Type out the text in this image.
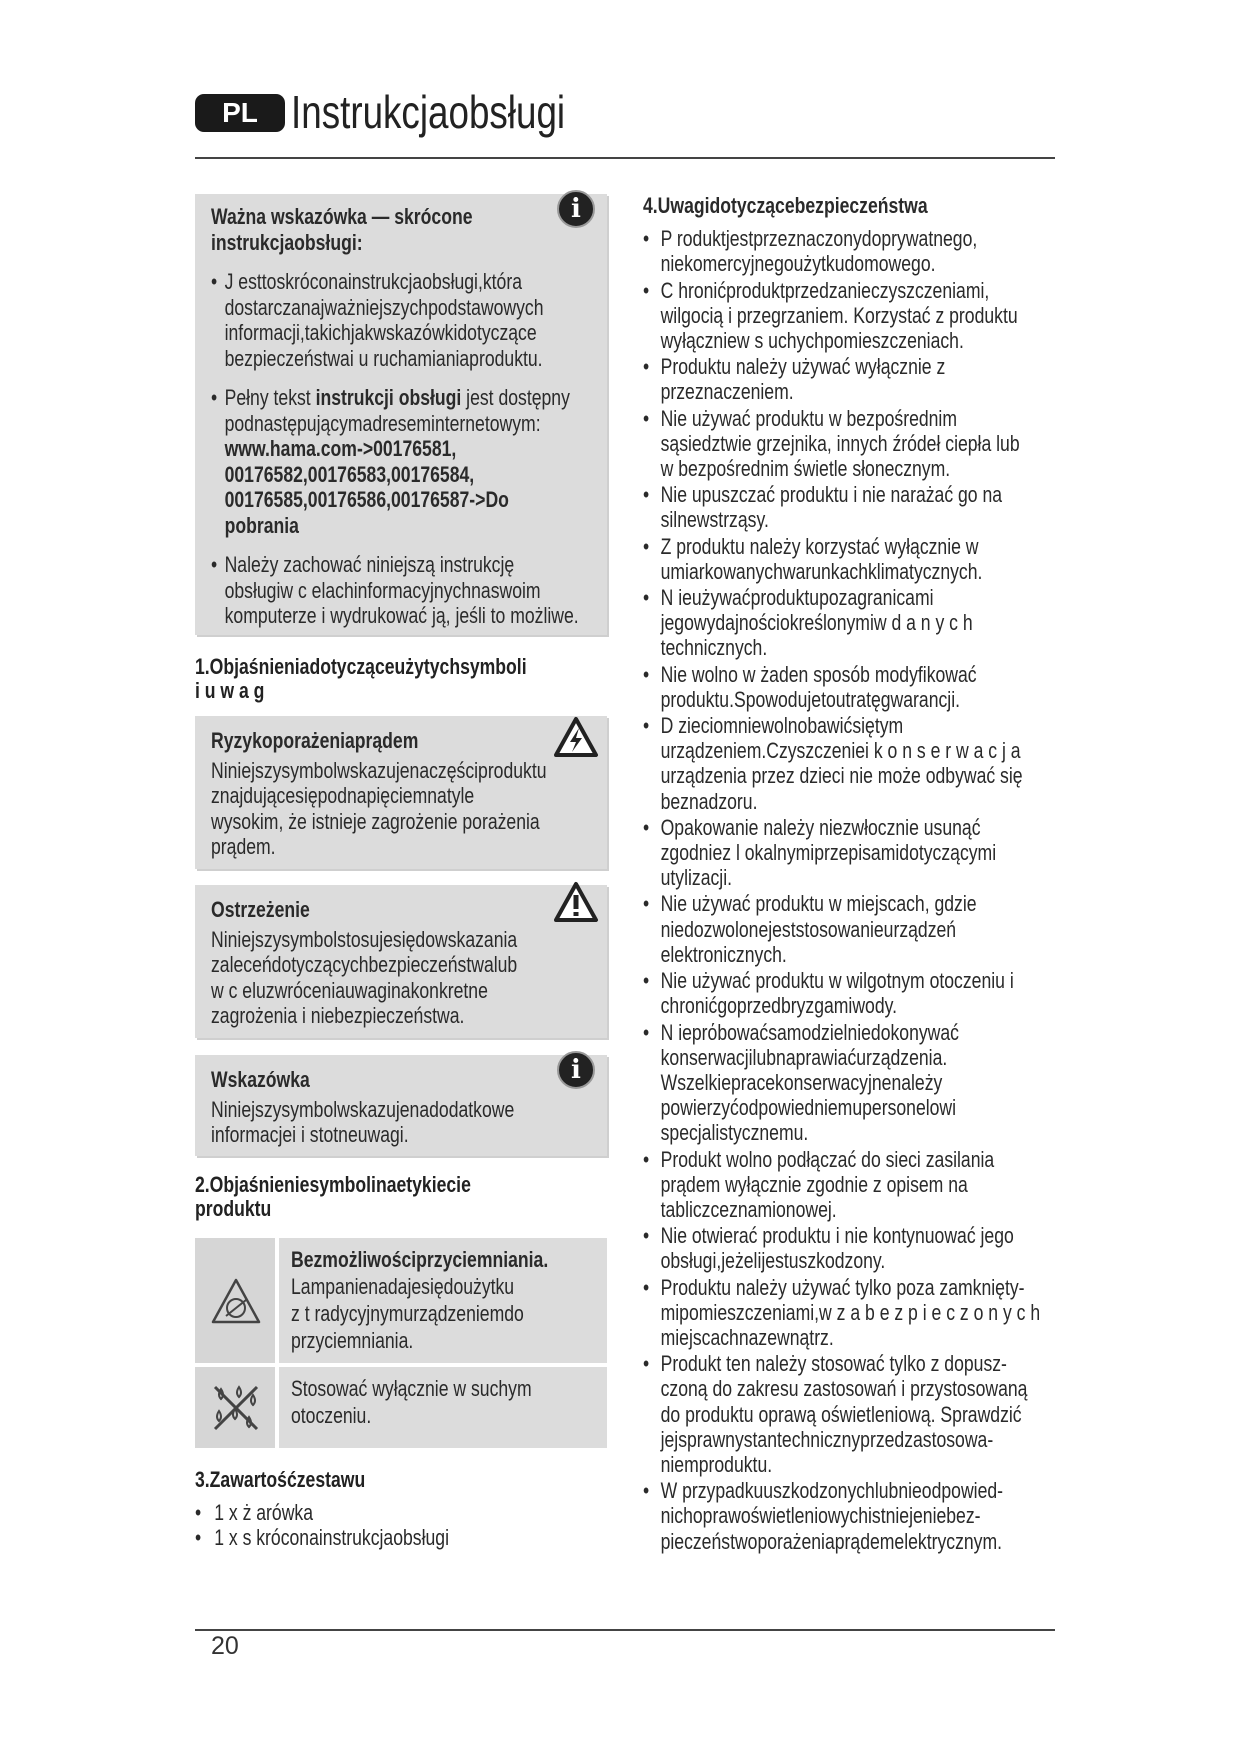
PL Instrukcjaobsługi
i
Ważna wskazówka — skrócone
instrukcjaobsługi:
• J esttoskróconainstrukcjaobsługi,która
dostarczanajważniejszychpodstawowych
informacji,takichjakwskazówkidotyczące
bezpieczeństwai u ruchamianiaproduktu.
• Pełny tekst instrukcji obsługi jest dostępny
podnastępującymadreseminternetowym:
www.hama.com->00176581,
00176582,00176583,00176584,
00176585,00176586,00176587->Do
pobrania
• Należy zachować niniejszą instrukcję
obsługiw c elachinformacyjnychnaswoim
komputerze i wydrukować ją, jeśli to możliwe.
1.Objaśnieniadotycząceużytychsymboli
i u w a g
Ryzykoporażeniaprądem
Niniejszysymbolwskazujenaczęściproduktu
znajdującesiępodnapięciemnatyle
wysokim, że istnieje zagrożenie porażenia
prądem.
Ostrzeżenie
Niniejszysymbolstosujesiędowskazania
zaleceńdotyczącychbezpieczeństwalub
w c eluzwróceniauwaginakonkretne
zagrożenia i niebezpieczeństwa.
i
Wskazówka
Niniejszysymbolwskazujenadodatkowe
informacjei i stotneuwagi.
2.Objaśnieniesymbolinaetykiecie
produktu
Bezmożliwościprzyciemniania.
Lampanienadajesiędoużytku
z t radycyjnymurządzeniemdo
przyciemniania.
Stosować wyłącznie w suchym
otoczeniu.
3.Zawartośćzestawu
• 1 x ż arówka
• 1 x s króconainstrukcjaobsługi
4.Uwagidotyczącebezpieczeństwa
• P roduktjestprzeznaczonydoprywatnego,
niekomercyjnegoużytkudomowego.
• C hronićproduktprzedzanieczyszczeniami,
wilgocią i przegrzaniem. Korzystać z produktu
wyłączniew s uchychpomieszczeniach.
• Produktu należy używać wyłącznie z
przeznaczeniem.
• Nie używać produktu w bezpośrednim
sąsiedztwie grzejnika, innych źródeł ciepła lub
w bezpośrednim świetle słonecznym.
• Nie upuszczać produktu i nie narażać go na
silnewstrząsy.
• Z produktu należy korzystać wyłącznie w
umiarkowanychwarunkachklimatycznych.
• N ieużywaćproduktupozagranicami
jegowydajnościokreślonymiw d a n y c h
technicznych.
• Nie wolno w żaden sposób modyfikować
produktu.Spowodujetoutratęgwarancji.
• D zieciomniewolnobawićsiętym
urządzeniem.Czyszczeniei k o n s e r w a c j a
urządzenia przez dzieci nie może odbywać się
beznadzoru.
• Opakowanie należy niezwłocznie usunąć
zgodniez l okalnymiprzepisamidotyczącymi
utylizacji.
• Nie używać produktu w miejscach, gdzie
niedozwolonejeststosowanieurządzeń
elektronicznych.
• Nie używać produktu w wilgotnym otoczeniu i
chronićgoprzedbryzgamiwody.
• N ieprόbowaćsamodzielniedokonywać
konserwacjilubnaprawiaćurządzenia.
Wszelkiepracekonserwacyjnenależy
powierzyćodpowiedniemupersonelowi
specjalistycznemu.
• Produkt wolno podłączać do sieci zasilania
prądem wyłącznie zgodnie z opisem na
tabliczceznamionowej.
• Nie otwierać produktu i nie kontynuować jego
obsługi,jeżelijestuszkodzony.
• Produktu należy używać tylko poza zamknięty-
mipomieszczeniami,w z a b e z p i e c z o n y c h
miejscachnazewnątrz.
• Produkt ten należy stosować tylko z dopusz-
czoną do zakresu zastosowań i przystosowaną
do produktu oprawą oświetleniową. Sprawdzić
jejsprawnystantechnicznyprzedzastosowa-
niemproduktu.
• W przypadkuuszkodzonychlubnieodpowied-
nichoprawoświetleniowychistniejeniebez-
pieczeństwoporażeniaprądemelektrycznym.
20
